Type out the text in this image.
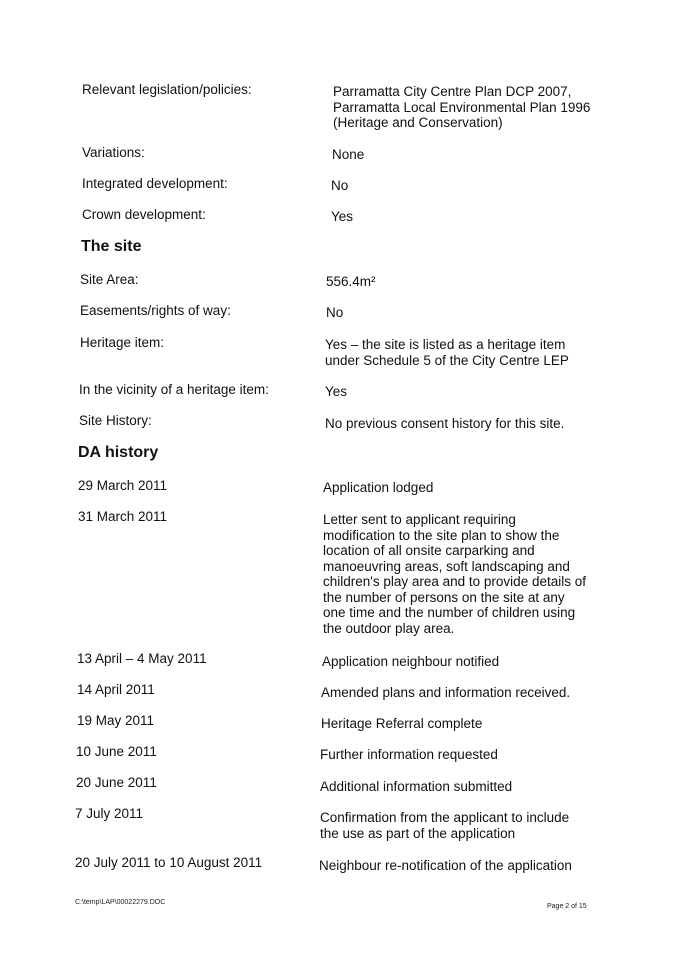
Relevant legislation/policies:	Parramatta City Centre Plan DCP 2007,
Parramatta Local Environmental Plan 1996
(Heritage and Conservation)
Variations:	None
Integrated development:	No
Crown development:	Yes
The site
Site Area:	556.4m²
Easements/rights of way:	No
Heritage item:	Yes – the site is listed as a heritage item
under Schedule 5 of the City Centre LEP
In the vicinity of a heritage item:	Yes
Site History:	No previous consent history for this site.
DA history
29 March 2011	Application lodged
31 March 2011	Letter sent to applicant requiring
modification to the site plan to show the
location of all onsite carparking and
manoeuvring areas, soft landscaping and
children's play area and to provide details of
the number of persons on the site at any
one time and the number of children using
the outdoor play area.
13 April – 4 May 2011	Application neighbour notified
14 April 2011	Amended plans and information received.
19 May 2011	Heritage Referral complete
10 June 2011	Further information requested
20 June 2011	Additional information submitted
7 July 2011	Confirmation from the applicant to include
the use as part of the application
20 July 2011 to 10 August 2011	Neighbour re-notification of the application
C:\temp\LAP\00022279.DOC
Page 2 of 15
